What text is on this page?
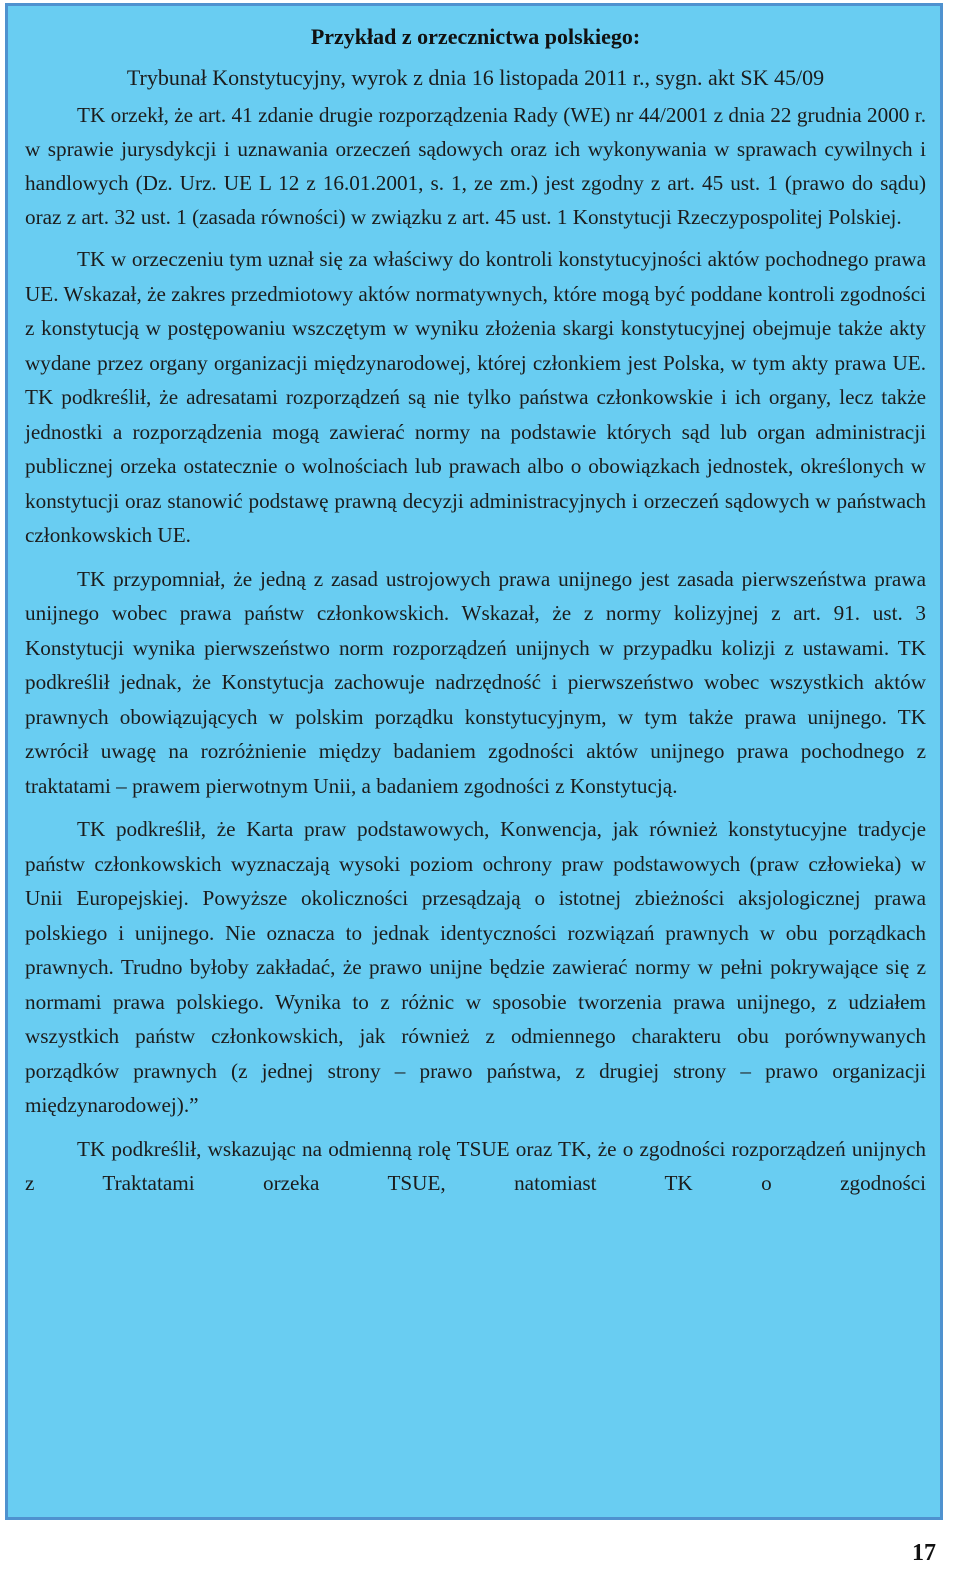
Przykład z orzecznictwa polskiego:

Trybunał Konstytucyjny, wyrok z dnia 16 listopada 2011 r., sygn. akt SK 45/09

TK orzekł, że art. 41 zdanie drugie rozporządzenia Rady (WE) nr 44/2001 z dnia 22 grudnia 2000 r. w sprawie jurysdykcji i uznawania orzeczeń sądowych oraz ich wykonywania w sprawach cywilnych i handlowych (Dz. Urz. UE L 12 z 16.01.2001, s. 1, ze zm.) jest zgodny z art. 45 ust. 1 (prawo do sądu) oraz z art. 32 ust. 1 (zasada równości) w związku z art. 45 ust. 1 Konstytucji Rzeczypospolitej Polskiej.

TK w orzeczeniu tym uznał się za właściwy do kontroli konstytucyjności aktów pochodnego prawa UE. Wskazał, że zakres przedmiotowy aktów normatywnych, które mogą być poddane kontroli zgodności z konstytucją w postępowaniu wszczętym w wyniku złożenia skargi konstytucyjnej obejmuje także akty wydane przez organy organizacji międzynarodowej, której członkiem jest Polska, w tym akty prawa UE. TK podkreślił, że adresatami rozporządzeń są nie tylko państwa członkowskie i ich organy, lecz także jednostki a rozporządzenia mogą zawierać normy na podstawie których sąd lub organ administracji publicznej orzeka ostatecznie o wolnościach lub prawach albo o obowiązkach jednostek, określonych w konstytucji oraz stanowić podstawę prawną decyzji administracyjnych i orzeczeń sądowych w państwach członkowskich UE.

TK przypomniał, że jedną z zasad ustrojowych prawa unijnego jest zasada pierwszeństwa prawa unijnego wobec prawa państw członkowskich. Wskazał, że z normy kolizyjnej z art. 91. ust. 3 Konstytucji wynika pierwszeństwo norm rozporządzeń unijnych w przypadku kolizji z ustawami. TK podkreślił jednak, że Konstytucja zachowuje nadrzędność i pierwszeństwo wobec wszystkich aktów prawnych obowiązujących w polskim porządku konstytucyjnym, w tym także prawa unijnego. TK zwrócił uwagę na rozróżnienie między badaniem zgodności aktów unijnego prawa pochodnego z traktatami – prawem pierwotnym Unii, a badaniem zgodności z Konstytucją.

TK podkreślił, że Karta praw podstawowych, Konwencja, jak również konstytucyjne tradycje państw członkowskich wyznaczają wysoki poziom ochrony praw podstawowych (praw człowieka) w Unii Europejskiej. Powyższe okoliczności przesądzają o istotnej zbieżności aksjologicznej prawa polskiego i unijnego. Nie oznacza to jednak identyczności rozwiązań prawnych w obu porządkach prawnych. Trudno byłoby zakładać, że prawo unijne będzie zawierać normy w pełni pokrywające się z normami prawa polskiego. Wynika to z różnic w sposobie tworzenia prawa unijnego, z udziałem wszystkich państw członkowskich, jak również z odmiennego charakteru obu porównywanych porządków prawnych (z jednej strony – prawo państwa, z drugiej strony – prawo organizacji międzynarodowej).”

TK podkreślił, wskazując na odmienną rolę TSUE oraz TK, że o zgodności rozporządzeń unijnych z Traktatami orzeka TSUE, natomiast TK o zgodności

17
